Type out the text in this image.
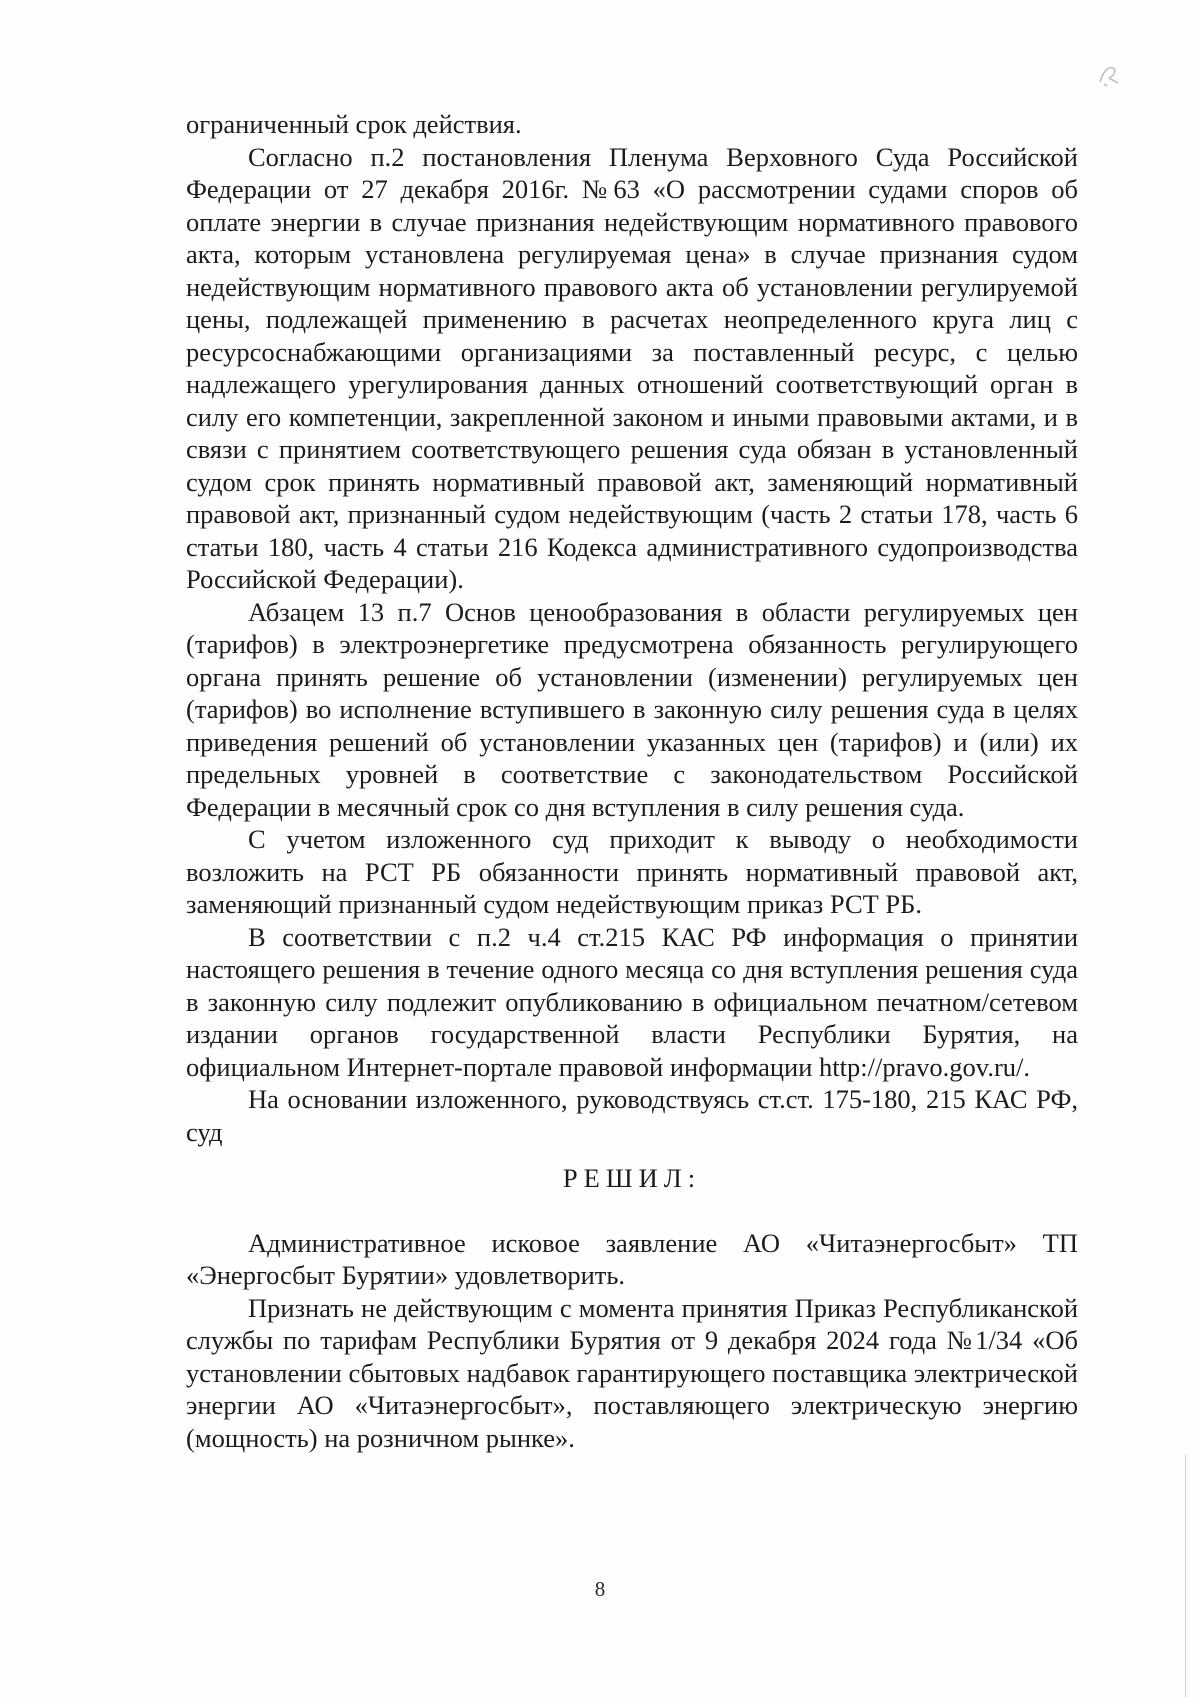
ограниченный срок действия.

Согласно п.2 постановления Пленума Верховного Суда Российской Федерации от 27 декабря 2016г. №63 «О рассмотрении судами споров об оплате энергии в случае признания недействующим нормативного правового акта, которым установлена регулируемая цена» в случае признания судом недействующим нормативного правового акта об установлении регулируемой цены, подлежащей применению в расчетах неопределенного круга лиц с ресурсоснабжающими организациями за поставленный ресурс, с целью надлежащего урегулирования данных отношений соответствующий орган в силу его компетенции, закрепленной законом и иными правовыми актами, и в связи с принятием соответствующего решения суда обязан в установленный судом срок принять нормативный правовой акт, заменяющий нормативный правовой акт, признанный судом недействующим (часть 2 статьи 178, часть 6 статьи 180, часть 4 статьи 216 Кодекса административного судопроизводства Российской Федерации).

Абзацем 13 п.7 Основ ценообразования в области регулируемых цен (тарифов) в электроэнергетике предусмотрена обязанность регулирующего органа принять решение об установлении (изменении) регулируемых цен (тарифов) во исполнение вступившего в законную силу решения суда в целях приведения решений об установлении указанных цен (тарифов) и (или) их предельных уровней в соответствие с законодательством Российской Федерации в месячный срок со дня вступления в силу решения суда.

С учетом изложенного суд приходит к выводу о необходимости возложить на РСТ РБ обязанности принять нормативный правовой акт, заменяющий признанный судом недействующим приказ РСТ РБ.

В соответствии с п.2 ч.4 ст.215 КАС РФ информация о принятии настоящего решения в течение одного месяца со дня вступления решения суда в законную силу подлежит опубликованию в официальном печатном/сетевом издании органов государственной власти Республики Бурятия, на официальном Интернет-портале правовой информации http://pravo.gov.ru/.

На основании изложенного, руководствуясь ст.ст. 175-180, 215 КАС РФ, суд

РЕШИЛ:

Административное исковое заявление АО «Читаэнергосбыт» ТП «Энергосбыт Бурятии» удовлетворить.

Признать не действующим с момента принятия Приказ Республиканской службы по тарифам Республики Бурятия от 9 декабря 2024 года №1/34 «Об установлении сбытовых надбавок гарантирующего поставщика электрической энергии АО «Читаэнергосбыт», поставляющего электрическую энергию (мощность) на розничном рынке».

8
